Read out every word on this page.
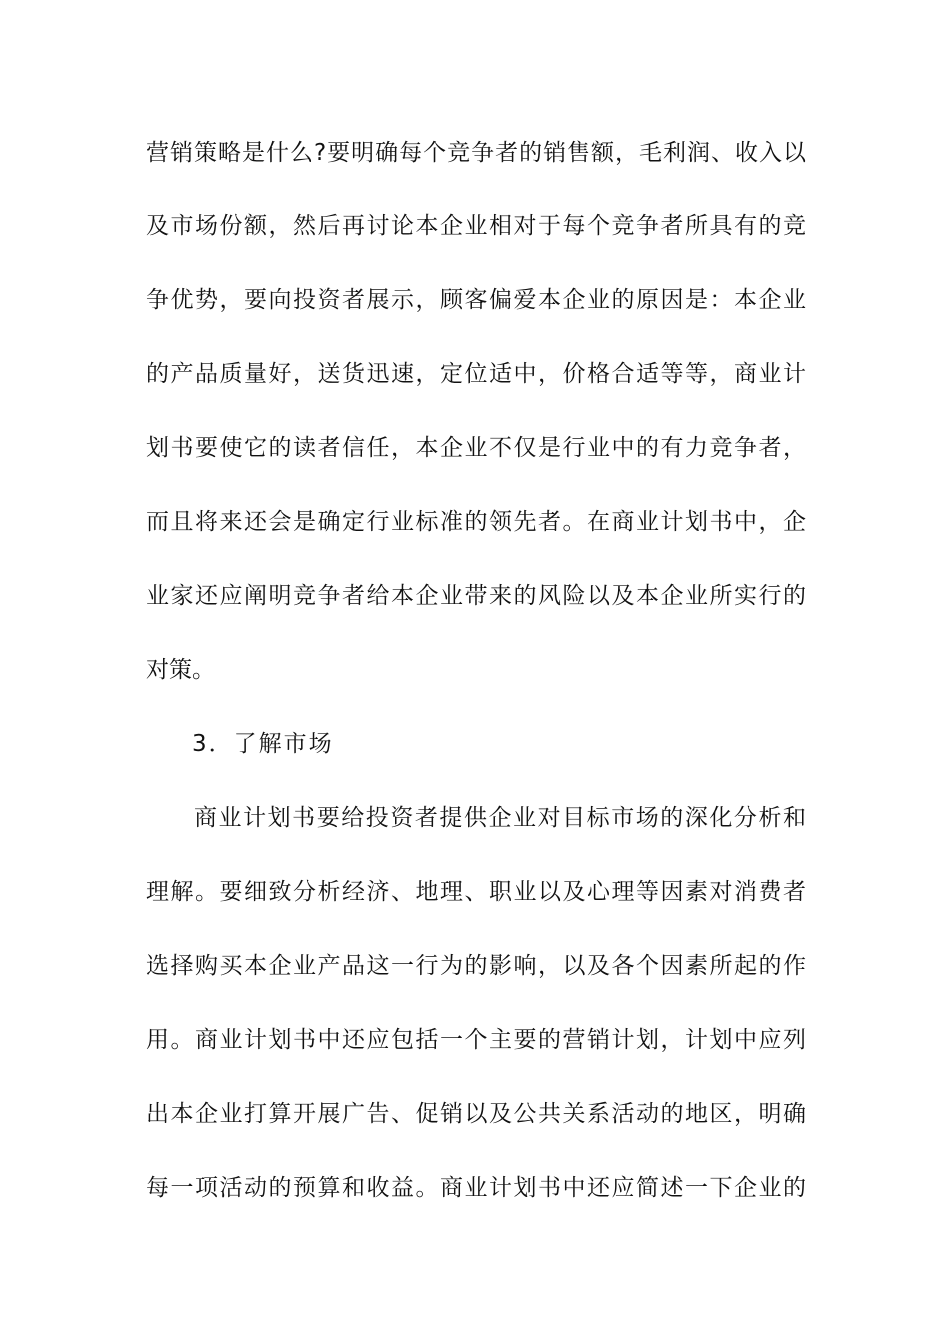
营销策略是什么?要明确每个竞争者的销售额，毛利润、收入以
及市场份额，然后再讨论本企业相对于每个竞争者所具有的竞
争优势，要向投资者展示，顾客偏爱本企业的原因是：本企业
的产品质量好，送货迅速，定位适中，价格合适等等，商业计
划书要使它的读者信任，本企业不仅是行业中的有力竞争者，
而且将来还会是确定行业标准的领先者。在商业计划书中，企
业家还应阐明竞争者给本企业带来的风险以及本企业所实行的
对策。
3．了解市场
商业计划书要给投资者提供企业对目标市场的深化分析和
理解。要细致分析经济、地理、职业以及心理等因素对消费者
选择购买本企业产品这一行为的影响，以及各个因素所起的作
用。商业计划书中还应包括一个主要的营销计划，计划中应列
出本企业打算开展广告、促销以及公共关系活动的地区，明确
每一项活动的预算和收益。商业计划书中还应简述一下企业的
